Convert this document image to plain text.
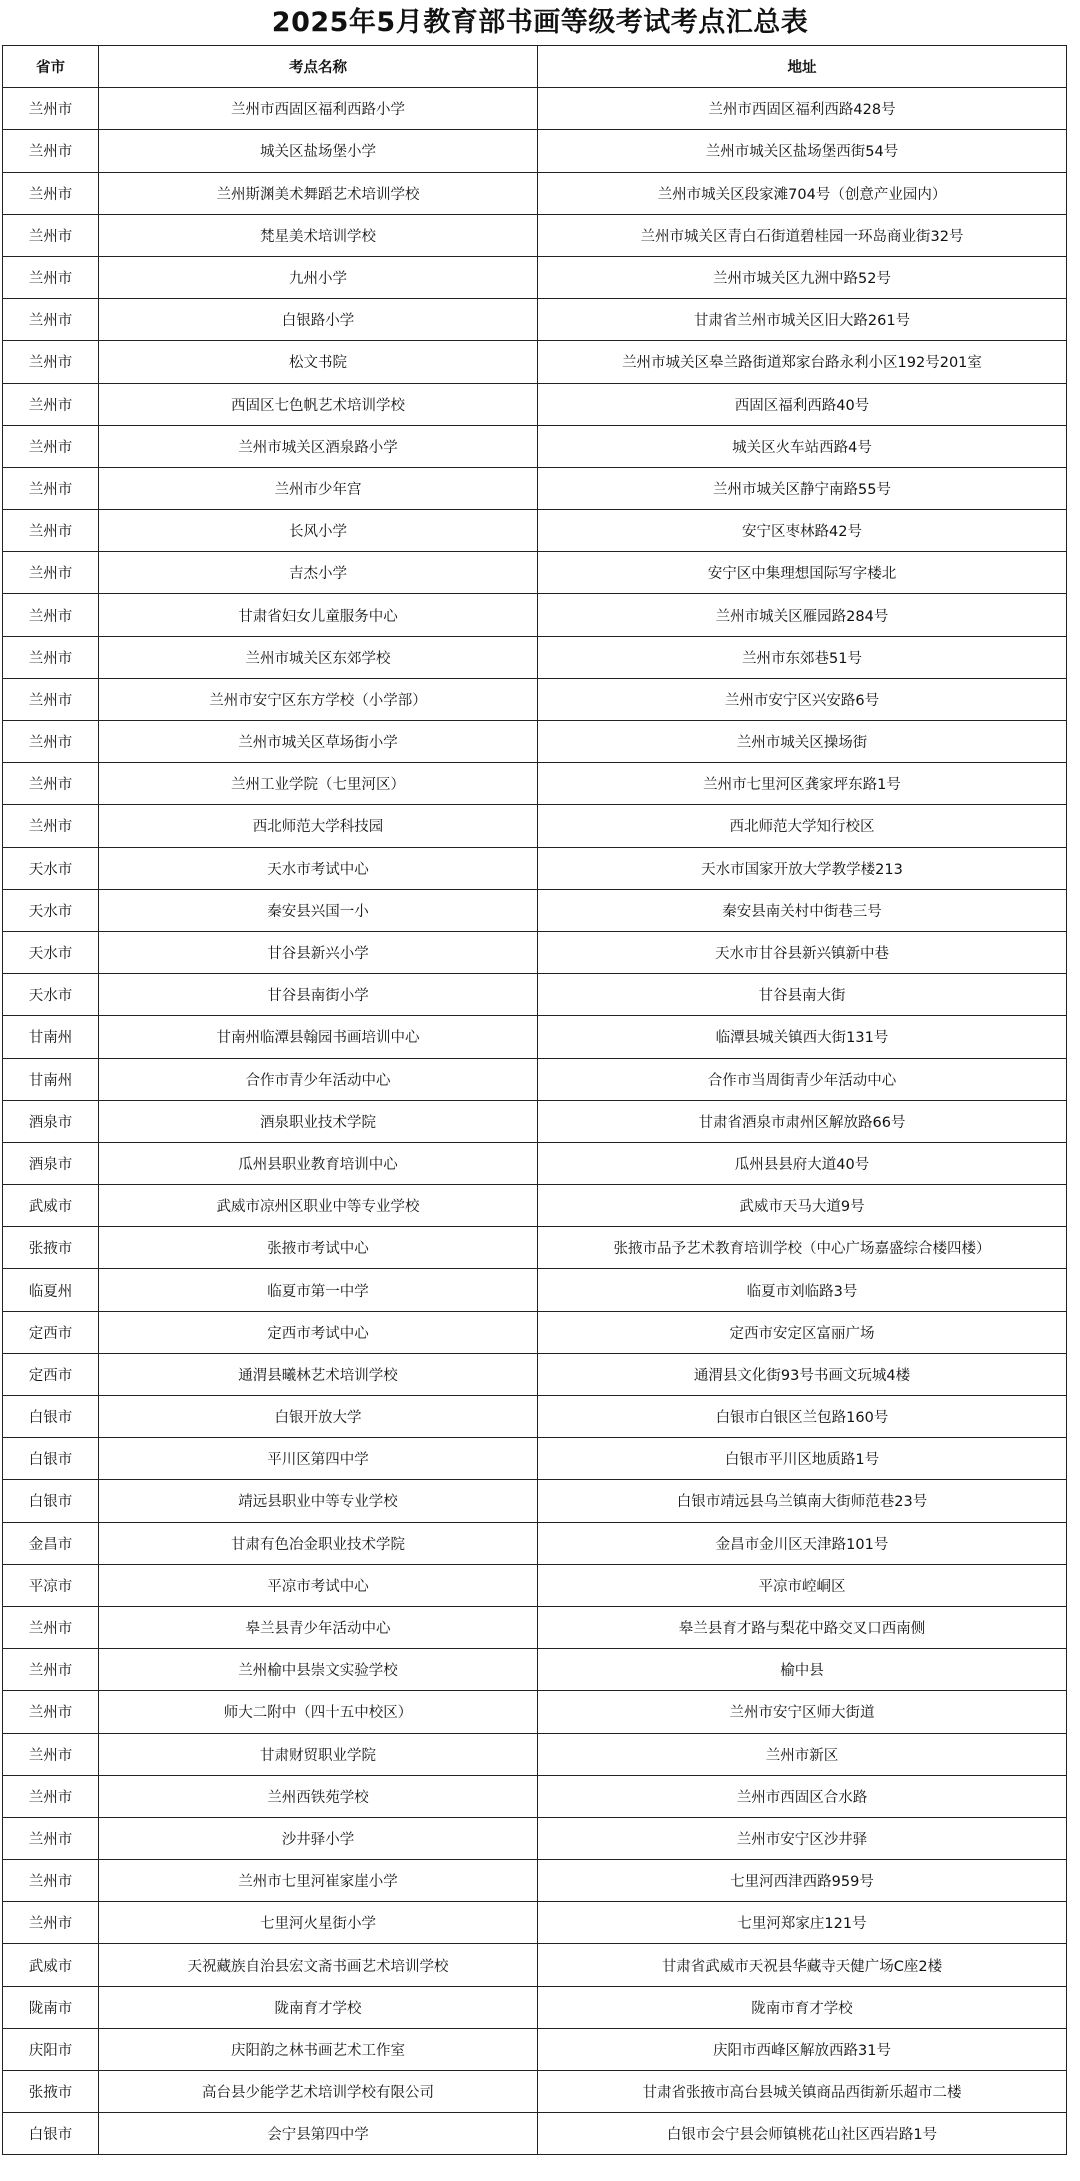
2025年5月教育部书画等级考试考点汇总表
省市	考点名称	地址
兰州市	兰州市西固区福利西路小学	兰州市西固区福利西路428号
兰州市	城关区盐场堡小学	兰州市城关区盐场堡西街54号
兰州市	兰州斯渊美术舞蹈艺术培训学校	兰州市城关区段家滩704号（创意产业园内）
兰州市	梵星美术培训学校	兰州市城关区青白石街道碧桂园一环岛商业街32号
兰州市	九州小学	兰州市城关区九洲中路52号
兰州市	白银路小学	甘肃省兰州市城关区旧大路261号
兰州市	松文书院	兰州市城关区皋兰路街道郑家台路永利小区192号201室
兰州市	西固区七色帆艺术培训学校	西固区福利西路40号
兰州市	兰州市城关区酒泉路小学	城关区火车站西路4号
兰州市	兰州市少年宫	兰州市城关区静宁南路55号
兰州市	长风小学	安宁区枣林路42号
兰州市	吉杰小学	安宁区中集理想国际写字楼北
兰州市	甘肃省妇女儿童服务中心	兰州市城关区雁园路284号
兰州市	兰州市城关区东郊学校	兰州市东郊巷51号
兰州市	兰州市安宁区东方学校（小学部）	兰州市安宁区兴安路6号
兰州市	兰州市城关区草场街小学	兰州市城关区操场街
兰州市	兰州工业学院（七里河区）	兰州市七里河区龚家坪东路1号
兰州市	西北师范大学科技园	西北师范大学知行校区
天水市	天水市考试中心	天水市国家开放大学教学楼213
天水市	秦安县兴国一小	秦安县南关村中街巷三号
天水市	甘谷县新兴小学	天水市甘谷县新兴镇新中巷
天水市	甘谷县南街小学	甘谷县南大街
甘南州	甘南州临潭县翰园书画培训中心	临潭县城关镇西大街131号
甘南州	合作市青少年活动中心	合作市当周街青少年活动中心
酒泉市	酒泉职业技术学院	甘肃省酒泉市肃州区解放路66号
酒泉市	瓜州县职业教育培训中心	瓜州县县府大道40号
武威市	武威市凉州区职业中等专业学校	武威市天马大道9号
张掖市	张掖市考试中心	张掖市品予艺术教育培训学校（中心广场嘉盛综合楼四楼）
临夏州	临夏市第一中学	临夏市刘临路3号
定西市	定西市考试中心	定西市安定区富丽广场
定西市	通渭县曦林艺术培训学校	通渭县文化街93号书画文玩城4楼
白银市	白银开放大学	白银市白银区兰包路160号
白银市	平川区第四中学	白银市平川区地质路1号
白银市	靖远县职业中等专业学校	白银市靖远县乌兰镇南大街师范巷23号
金昌市	甘肃有色冶金职业技术学院	金昌市金川区天津路101号
平凉市	平凉市考试中心	平凉市崆峒区
兰州市	皋兰县青少年活动中心	皋兰县育才路与梨花中路交叉口西南侧
兰州市	兰州榆中县崇文实验学校	榆中县
兰州市	师大二附中（四十五中校区）	兰州市安宁区师大街道
兰州市	甘肃财贸职业学院	兰州市新区
兰州市	兰州西铁苑学校	兰州市西固区合水路
兰州市	沙井驿小学	兰州市安宁区沙井驿
兰州市	兰州市七里河崔家崖小学	七里河西津西路959号
兰州市	七里河火星街小学	七里河郑家庄121号
武威市	天祝藏族自治县宏文斋书画艺术培训学校	甘肃省武威市天祝县华藏寺天健广场C座2楼
陇南市	陇南育才学校	陇南市育才学校
庆阳市	庆阳韵之林书画艺术工作室	庆阳市西峰区解放西路31号
张掖市	高台县少能学艺术培训学校有限公司	甘肃省张掖市高台县城关镇商品西街新乐超市二楼
白银市	会宁县第四中学	白银市会宁县会师镇桃花山社区西岩路1号
